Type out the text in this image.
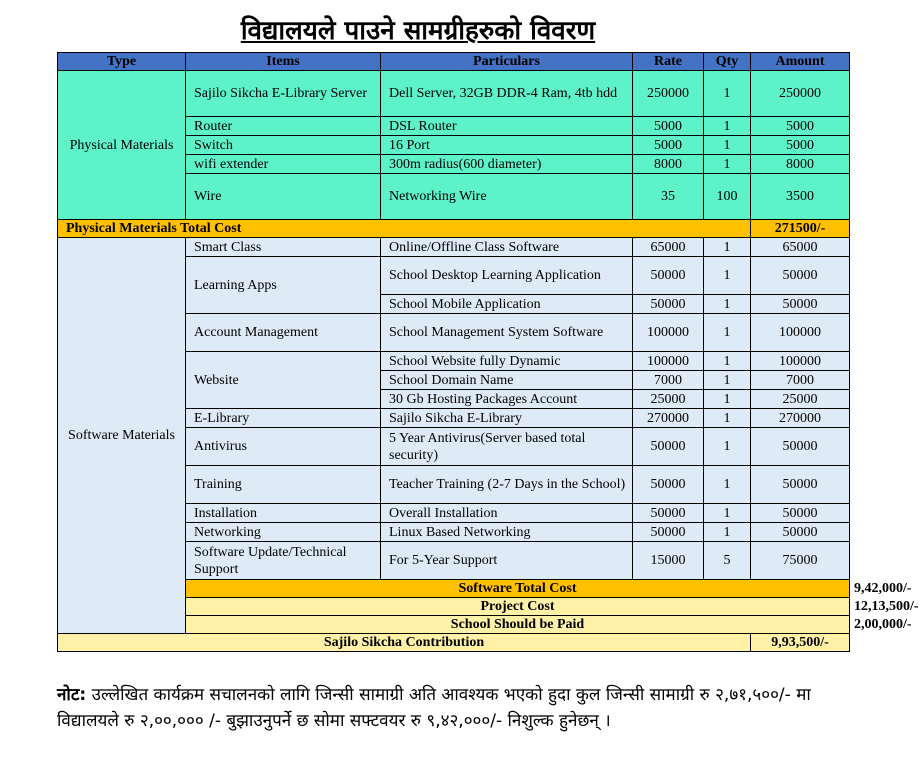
विद्यालयले पाउने सामग्रीहरुको विवरण
Type	Items	Particulars	Rate	Qty	Amount	
Physical Materials	Sajilo Sikcha E-Library Server	Dell Server, 32GB DDR-4 Ram, 4tb hdd	250000	1	250000	
	Router	DSL Router	5000	1	5000	
	Switch	16 Port	5000	1	5000	
	wifi extender	300m radius(600 diameter)	8000	1	8000	
	Wire	Networking Wire	35	100	3500	
Physical Materials Total Cost					271500/-	
Software Materials	Smart Class	Online/Offline Class Software	65000	1	65000	
	Learning Apps	School Desktop Learning Application	50000	1	50000	
		School Mobile Application	50000	1	50000	
	Account Management	School Management System Software	100000	1	100000	
	Website	School Website fully Dynamic	100000	1	100000	
		School Domain Name	7000	1	7000	
		30 Gb Hosting Packages Account	25000	1	25000	
	E-Library	Sajilo Sikcha E-Library	270000	1	270000	
	Antivirus	5 Year Antivirus(Server based total security)	50000	1	50000	
	Training	Teacher Training (2-7 Days in the School)	50000	1	50000	
	Installation	Overall Installation	50000	1	50000	
	Networking	Linux Based Networking	50000	1	50000	
	Software Update/Technical Support	For 5-Year Support	15000	5	75000	
	Software Total Cost					9,42,000/-
	Project Cost					12,13,500/-
	School Should be Paid					2,00,000/-
Sajilo Sikcha Contribution					9,93,500/-	
नोट: उल्लेखित कार्यक्रम सचालनको लागि जिन्सी सामाग्री अति आवश्यक भएको हुदा कुल जिन्सी सामाग्री रु २,७१,५००/- मा विद्यालयले रु २,००,००० /- बुझाउनुपर्ने छ सोमा सफ्टवयर रु ९,४२,०००/- निशुल्क हुनेछन् ।
